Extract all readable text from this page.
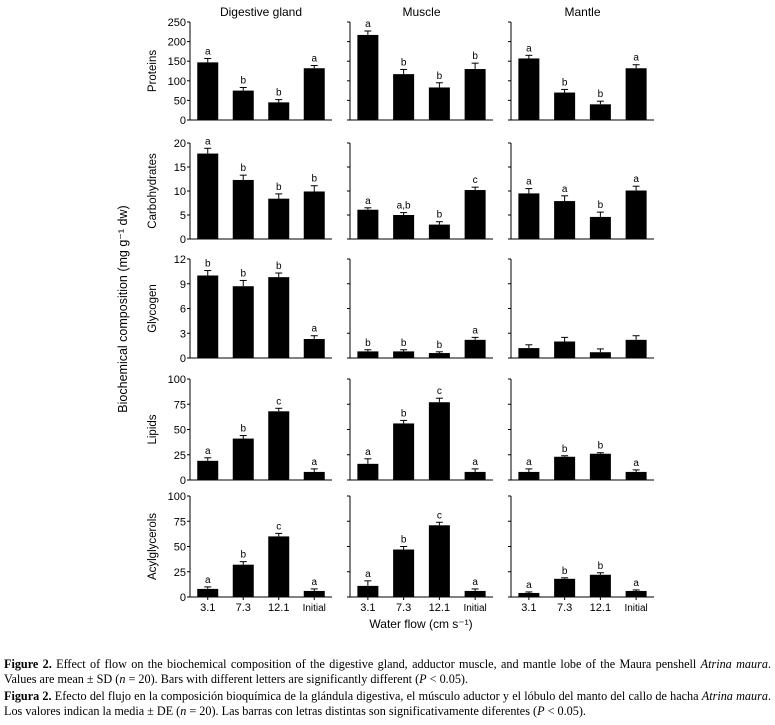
Digestive gland	Muscle	Mantle
Proteins
0
50
100
150
200
250
Carbohydrates
0
5
10
15
20
Glycogen
0
3
6
9
12
Lipids
0
25
50
75
100
Acylglycerols
0
25
50
75
100
a
b
b
a
a
b
b
b
a
b
b
a
a
b
b
b
a	a,b
b
c	a
a
b
a
b
b
b
a
b	b	b
a
a
b
c
a
a
b
c
a	a
b	b
a
a
3.1
b
7.3
c
12.1
a
Initial
a
3.1
b
7.3
c
12.1
a
Initial
a
3.1
b
7.3
b
12.1
a
Initial
Biochemical composition (mg g⁻¹ dw)
Water flow (cm s⁻¹)
Figure 2. Effect of flow on the biochemical composition of the digestive gland, adductor muscle, and mantle lobe of the Maura penshell Atrina maura. Values are mean ± SD (n = 20). Bars with different letters are significantly different (P < 0.05).
Figura 2. Efecto del flujo en la composición bioquímica de la glándula digestiva, el músculo aductor y el lóbulo del manto del callo de hacha Atrina maura. Los valores indican la media ± DE (n = 20). Las barras con letras distintas son significativamente diferentes (P < 0.05).
